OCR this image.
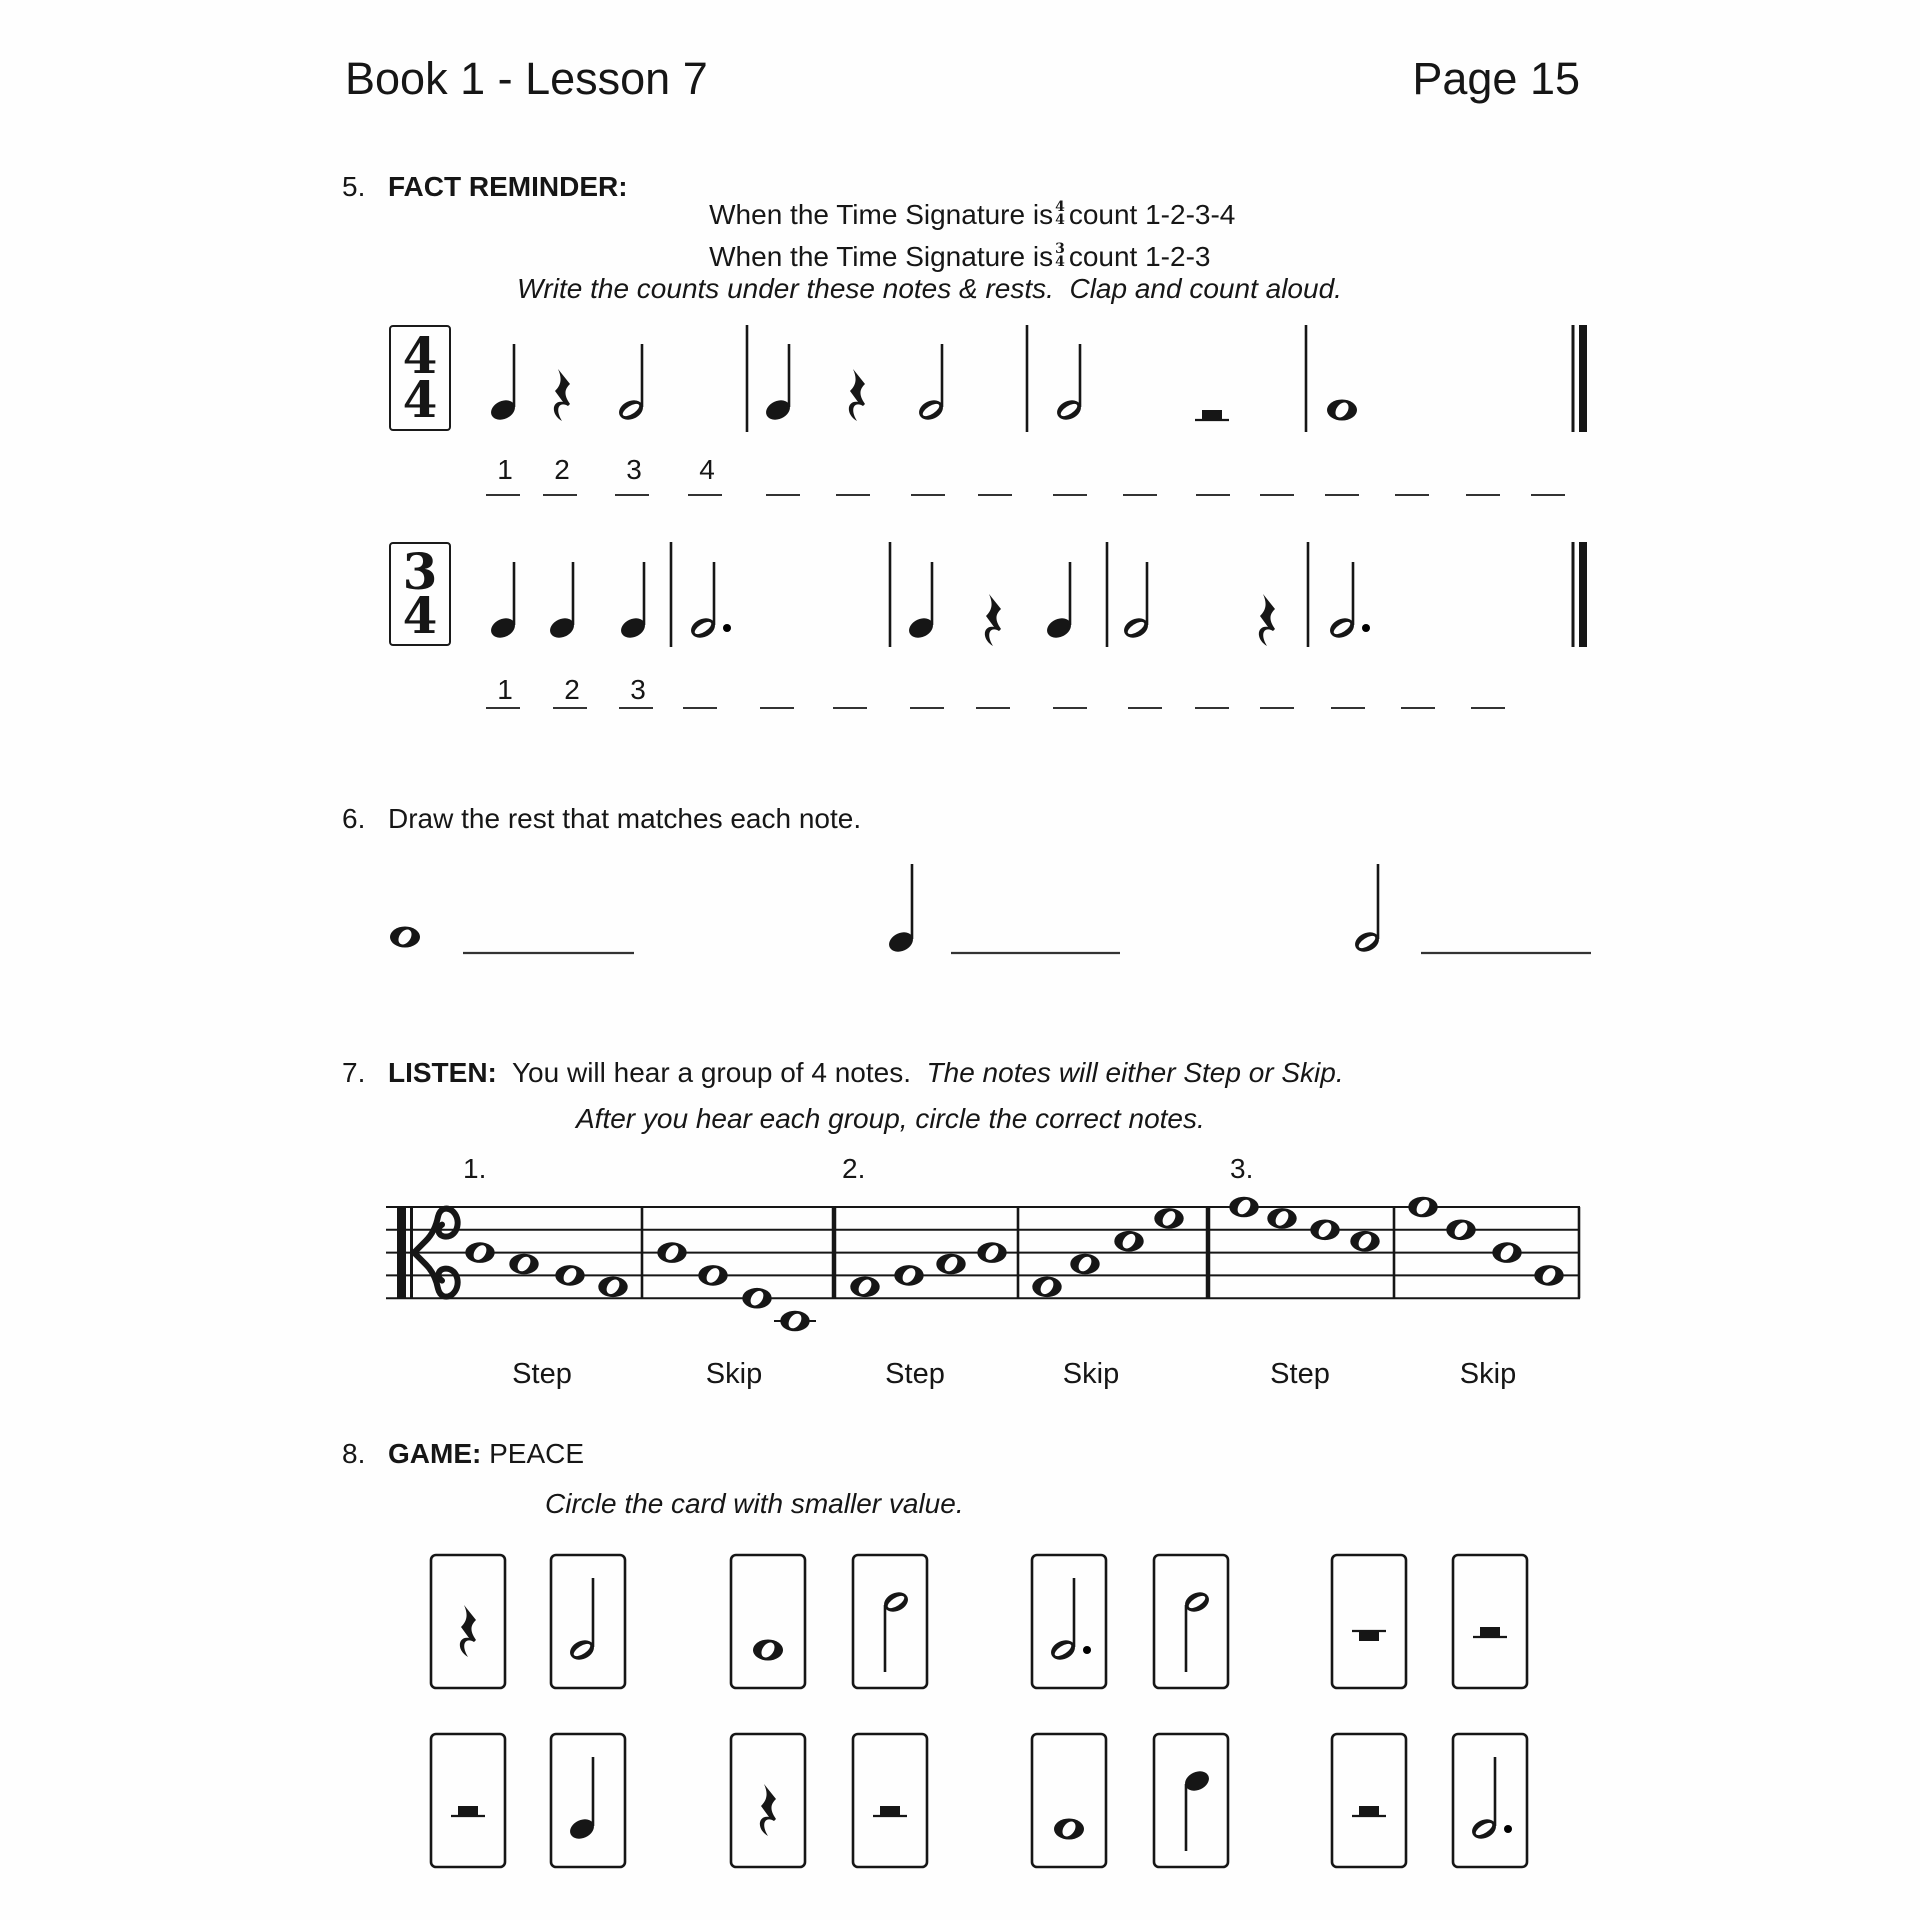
Book 1 - Lesson 7	Page 15
5. FACT REMINDER:

When the Time Signature is 4
4 count 1-2-3-4

When the Time Signature is 3
4 count 1-2-3

Write the counts under these notes & rests.  Clap and count aloud.
4
4
3
4
1 2 3 4
1 2 3
6. Draw the rest that matches each note.
7. LISTEN: You will hear a group of 4 notes. The notes will either Step or Skip.
After you hear each group, circle the correct notes.
1.	2.	3.
Step	Skip	Step	Skip	Step	Skip
8. GAME: PEACE
Circle the card with smaller value.
